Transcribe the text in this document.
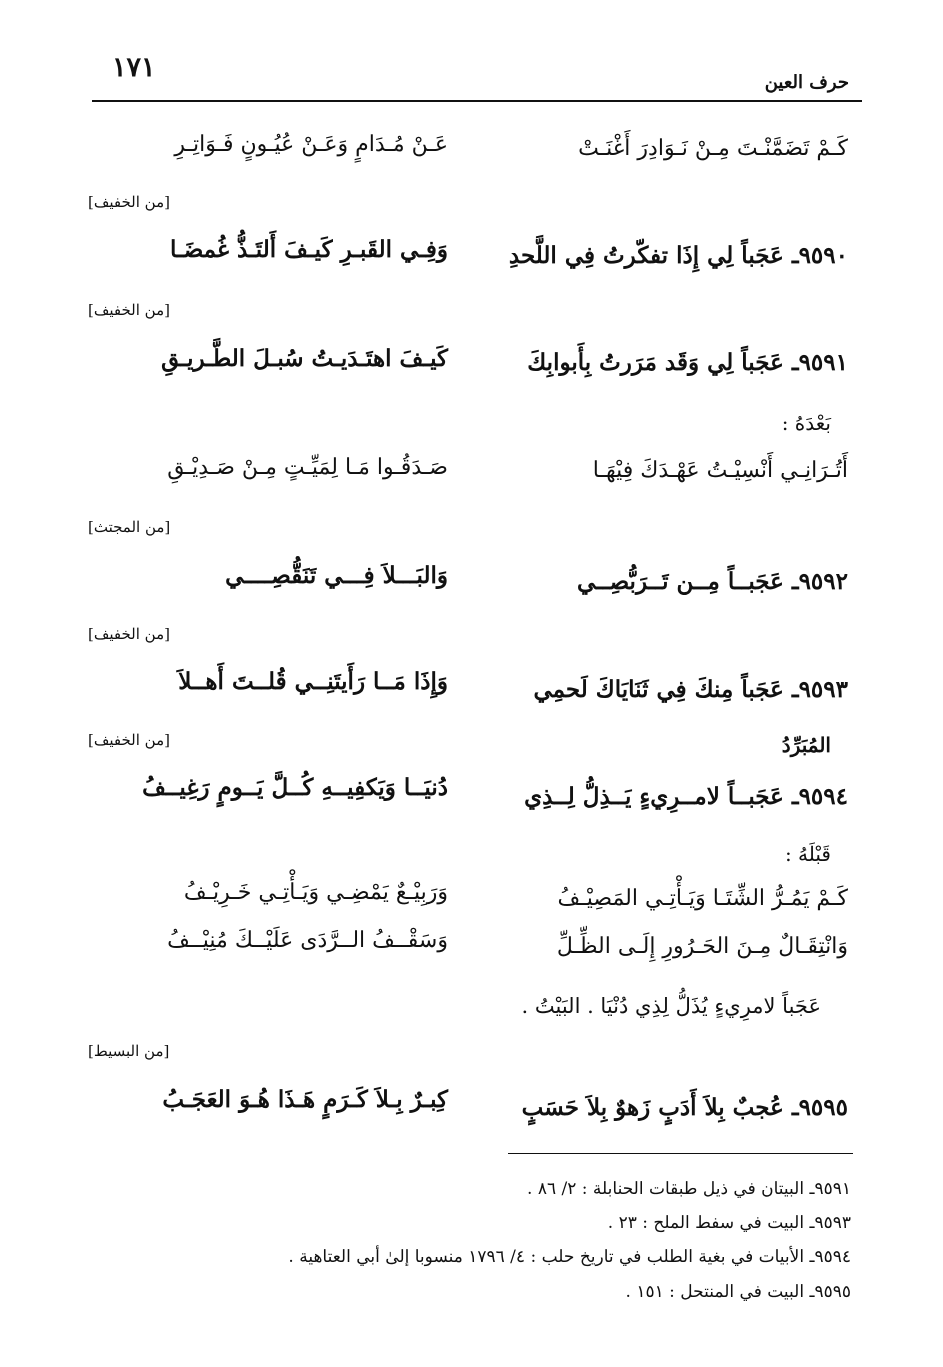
١٧١	حرف العين
كَـمْ تَضَمَّنْـتَ مِـنْ نَـوَادِرَ أَغْنَـتْ
عَـنْ مُـدَامٍ وَعَـنْ عُيُـونٍ فَـوَاتِـرِ
[من الخفيف]
٩٥٩٠ـ عَجَباً لِي إِذَا تفكّرتُ فِي اللَّحدِ
وَفِـي القَبـرِ كَيـفَ أَلتَـذُّ غُمضَـا
[من الخفيف]
٩٥٩١ـ عَجَباً لِي وَقَد مَرَرتُ بِأَبوابِكَ
كَيـفَ اهتَـدَيـتُ سُبـلَ الطَّـريـقِ
بَعْدَهُ :
أَتُـرَانِـي أَنْسِيْـتُ عَهْـدَكَ فِيْهَـا
صَـدَقُـوا مَـا لِمَيِّـتٍ مِـنْ صَـدِيْـقِ
[من المجتث]
٩٥٩٢ـ عَجَبــاً مِــن تَــرَبُّصِــي
وَالبَـــلاَ فِـــي تَنَقُّصِــــي
[من الخفيف]
٩٥٩٣ـ عَجَباً مِنكَ فِي ثَنَايَاكَ لَحمِي
وَإِذَا مَــا رَأَيتَنِــي قُلــتَ أَهــلاَ
[من الخفيف]	المُبَرِّدُ
٩٥٩٤ـ عَجَبــاً لامــرِيءٍ يَــذِلُّ لِــذِي
دُنيَــا وَيَكفِيــهِ كُــلَّ يَــومٍ رَغِيــفُ
قَبْلَهُ :
كَـمْ يَمُـرُّ الشِّتَـا وَيَـأْتِـي المَصِيْـفُ
وَرَبِيْـعٌ يَمْضِـي وَيَـأْتِـي خَـرِيْـفُ
وَانْتِقَـالٌ مِـنَ الحَـرُورِ إِلَـى الظِّـلِّ
وَسَقْــفُ الــرَّدَى عَلَيْــكَ مُنِيْــفُ
عَجَباً لامرِيءٍ يُذَلُّ لِذِي دُنْيَا . البَيْتُ .
[من البسيط]
٩٥٩٥ـ عُجبٌ بِلاَ أَدَبٍ زَهوٌ بِلاَ حَسَبٍ
كِبـرٌ بِـلاَ كَـرَمٍ هَـذَا هُـوَ العَجَـبُ
٩٥٩١ـ البيتان في ذيل طبقات الحنابلة : ٢/ ٨٦ .
٩٥٩٣ـ البيت في سفط الملح : ٢٣ .
٩٥٩٤ـ الأبيات في بغية الطلب في تاريخ حلب : ٤/ ١٧٩٦ منسوبا إلىٰ أبي العتاهية .
٩٥٩٥ـ البيت في المنتحل : ١٥١ .
